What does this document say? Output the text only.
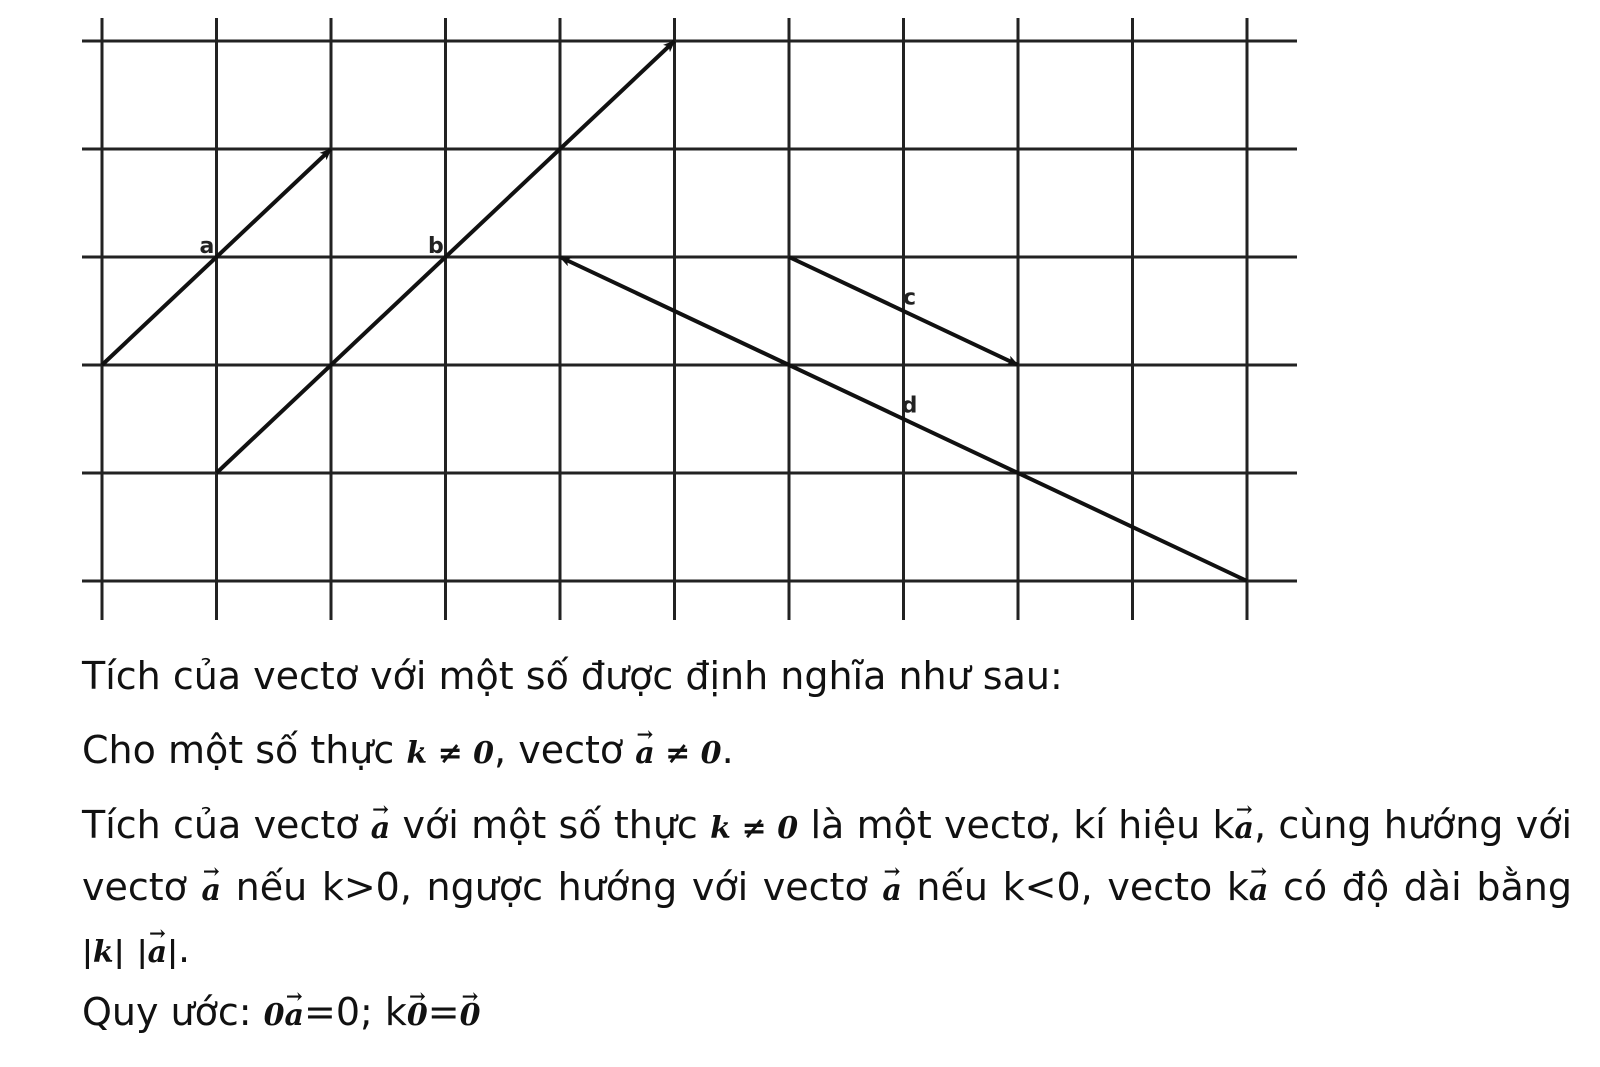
a	b
c
d
Tích của vectơ với một số được định nghĩa như sau:
Cho một số thực k ≠ 0, vectơ → a ≠ 0.
Tích của vectơ → a với một số thực k ≠ 0 là một vectơ, kí hiệu k→ a, cùng hướng với vectơ → a nếu k>0, ngược hướng với vectơ → a nếu k<0, vecto k→ a có độ dài bằng |k| |→ a|.
Quy ước: 0→ a=0; k→ 0=→ 0
